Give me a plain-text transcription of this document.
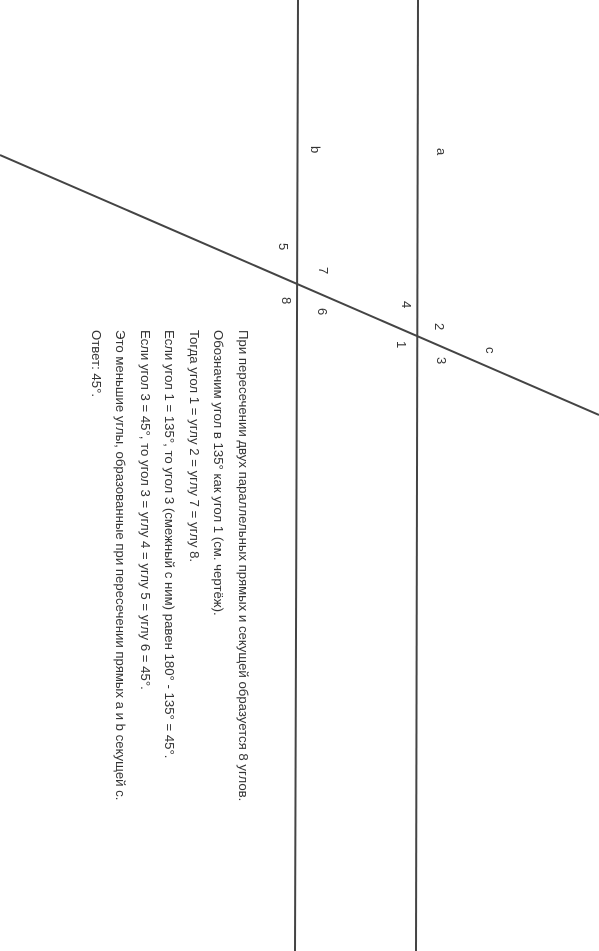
a
b
c
1
2
3
4
5
6
7
8
При пересечении двух параллельных прямых и секущей образуется 8 углов.
Обозначим угол в 135° как угол 1 (см. чертёж).
Тогда угол 1 = углу 2 = углу 7 = углу 8.
Если угол 1 = 135°, то угол 3 (смежный с ним) равен 180° - 135° = 45°.
Если угол 3 = 45°, то угол 3 = углу 4 = углу 5 = углу 6 = 45°.
Это меньшие углы, образованные при пересечении прямых a и b секущей c.
Ответ: 45°.
